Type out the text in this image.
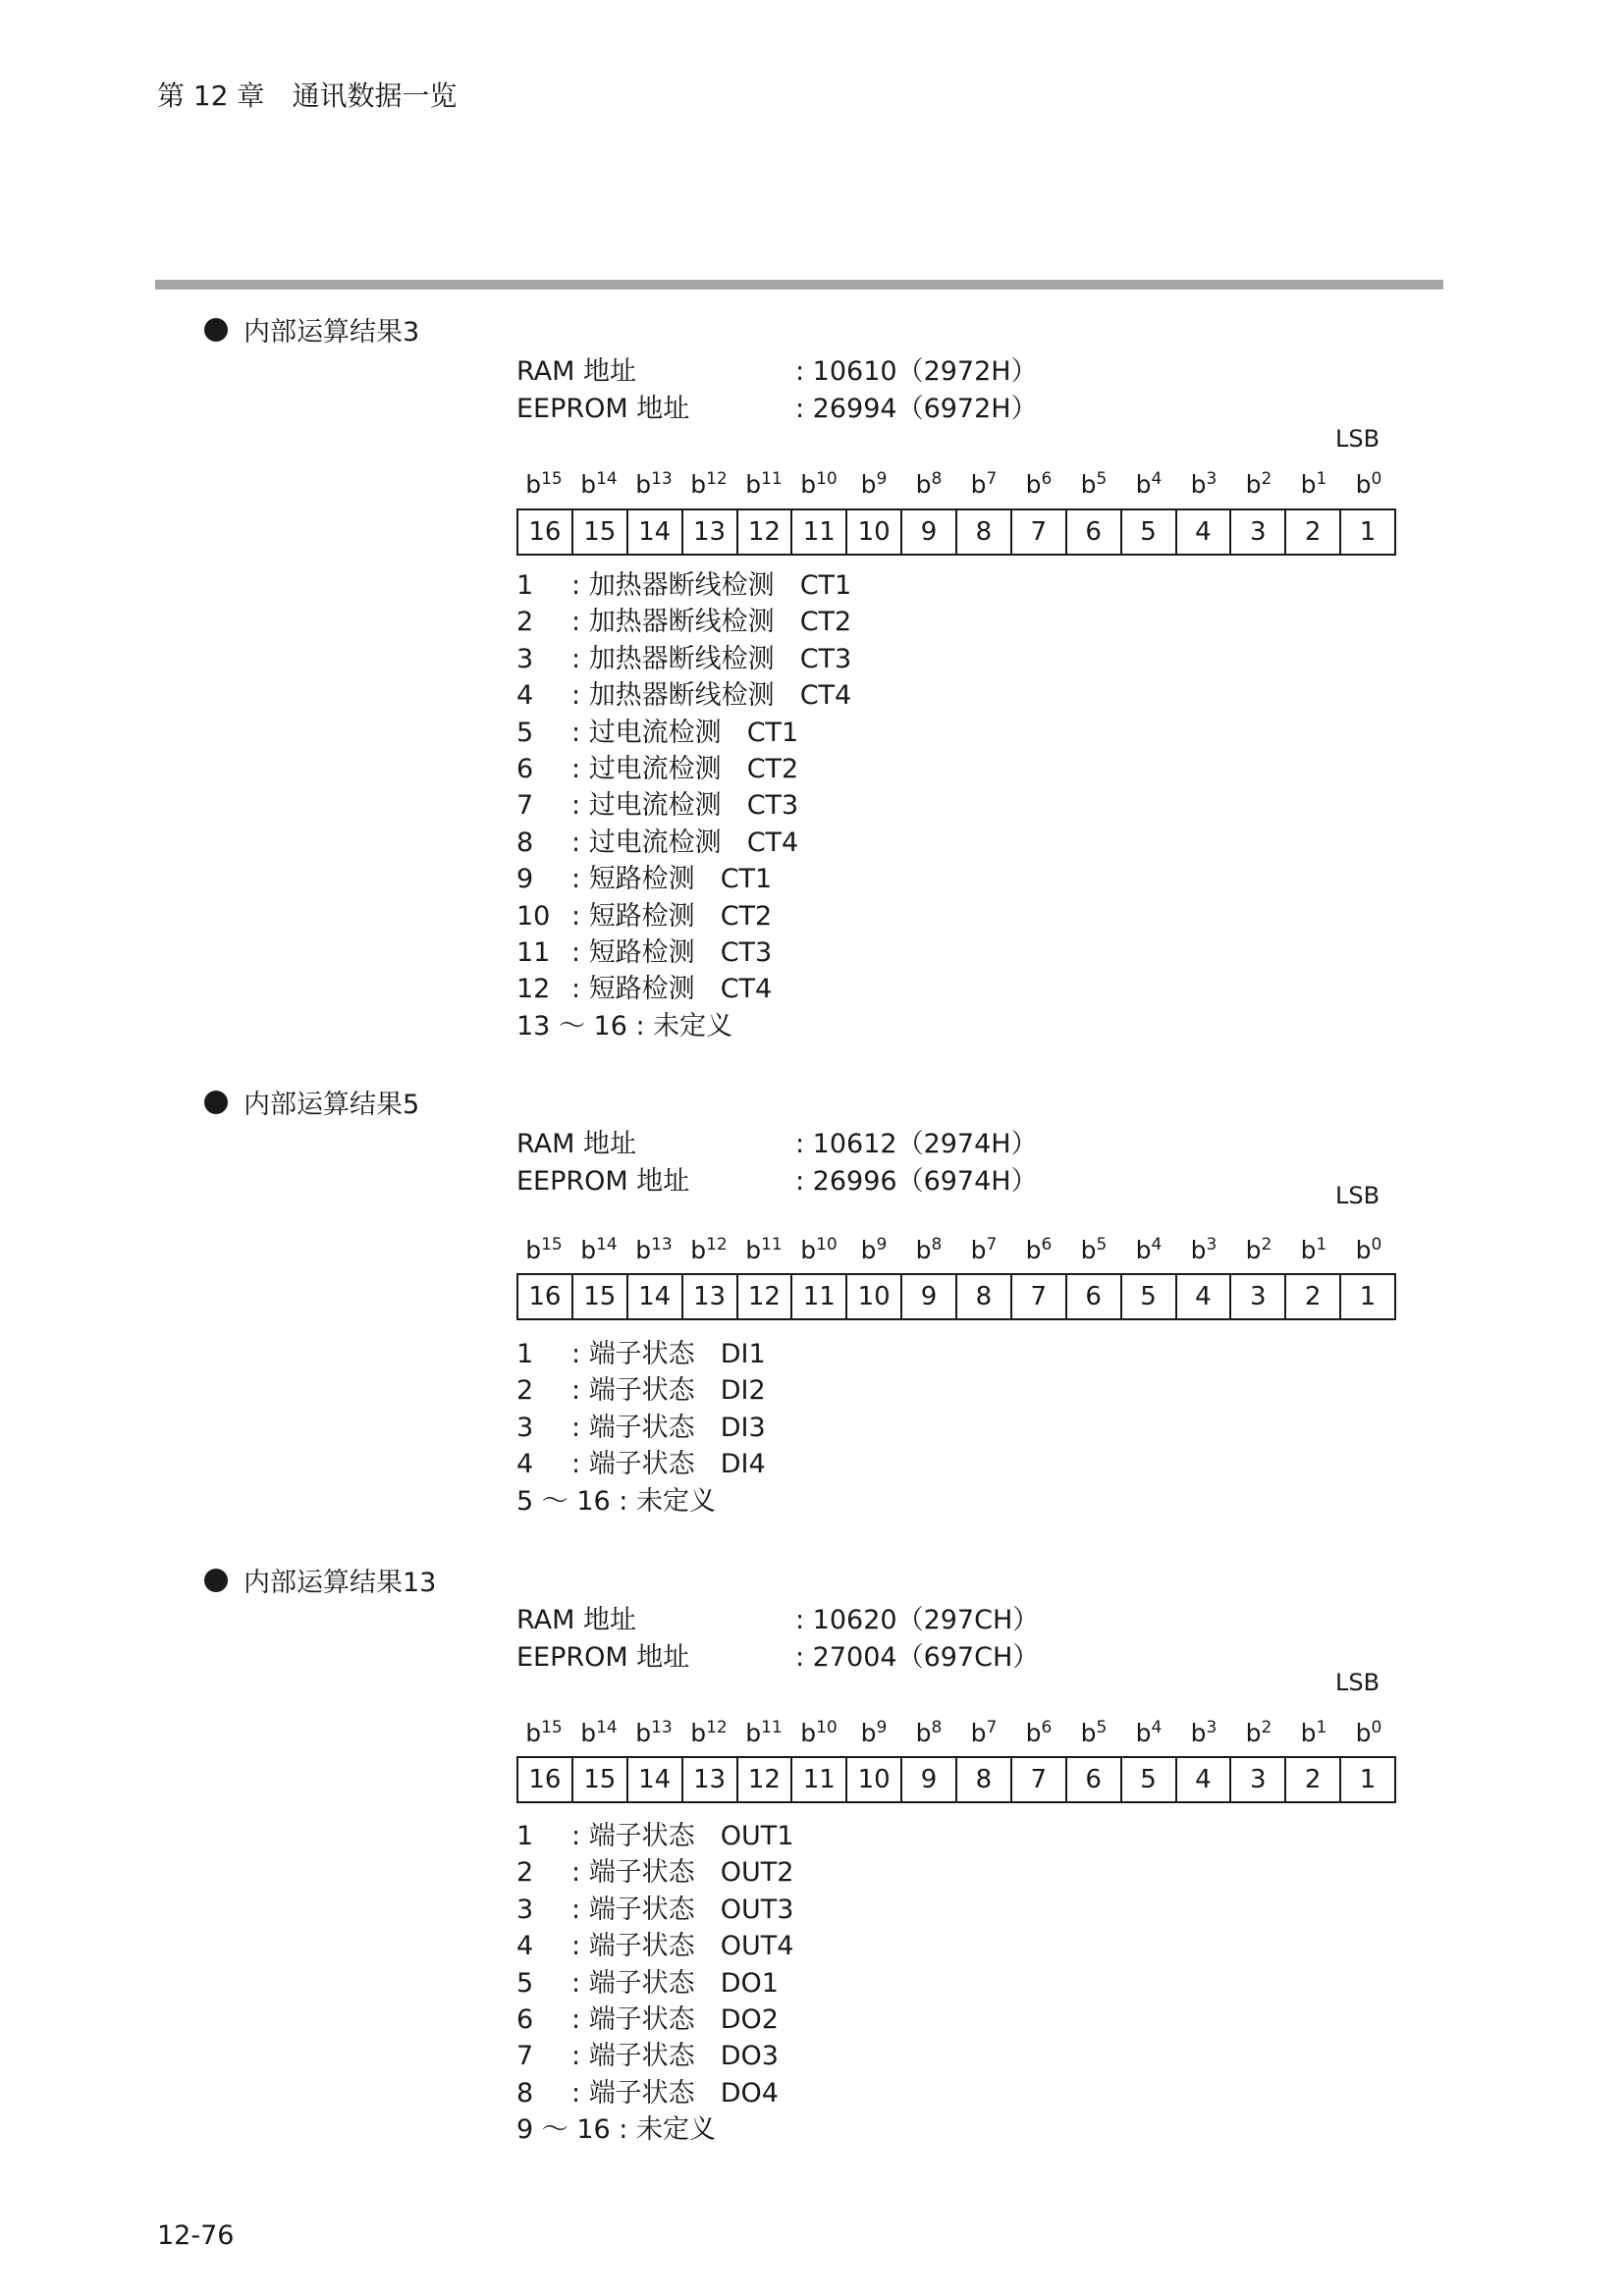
第 12 章　 通讯数据一览
内部运算结果3
RAM 地址	: 10610（2972H）
EEPROM 地址	: 26994（6972H）
LSB
$b^{15}$ $b^{14}$ $b^{13}$ $b^{12}$ $b^{11}$ $b^{10}$ $b^9$	$b^8$	$b^7$	$b^6$	$b^5$	$b^4$	$b^3$	$b^2$	$b^1$	$b^0$
16 15 14 13 12 11 10	9	8	7	6	5	4	3	2	1
1 : 加热器断线检测 CT1
2 : 加热器断线检测 CT2
3 : 加热器断线检测 CT3
4 : 加热器断线检测 CT4
5 : 过电流检测 CT1
6 : 过电流检测 CT2
7 : 过电流检测 CT3
8 : 过电流检测 CT4
9 : 短路检测 CT1
10 : 短路检测 CT2
11 : 短路检测 CT3
12 : 短路检测 CT4
13 ～ 16 : 未定义
内部运算结果5
RAM 地址	: 10612（2974H）
EEPROM 地址	: 26996（6974H）	LSB
$b^{15}$ $b^{14}$ $b^{13}$ $b^{12}$ $b^{11}$ $b^{10}$ $b^9$	$b^8$	$b^7$	$b^6$	$b^5$	$b^4$	$b^3$	$b^2$	$b^1$	$b^0$
16 15 14 13 12 11 10	9	8	7	6	5	4	3	2	1
1 : 端子状态 DI1
2 : 端子状态 DI2
3 : 端子状态 DI3
4 : 端子状态 DI4
5 ～ 16 : 未定义
内部运算结果13
RAM 地址	: 10620（297CH）
EEPROM 地址	: 27004（697CH）
LSB
$b^{15}$ $b^{14}$ $b^{13}$ $b^{12}$ $b^{11}$ $b^{10}$ $b^9$	$b^8$	$b^7$	$b^6$	$b^5$	$b^4$	$b^3$	$b^2$	$b^1$	$b^0$
16 15 14 13 12 11 10	9	8	7	6	5	4	3	2	1
1 : 端子状态 OUT1
2 : 端子状态 OUT2
3 : 端子状态 OUT3
4 : 端子状态 OUT4
5 : 端子状态 DO1
6 : 端子状态 DO2
7 : 端子状态 DO3
8 : 端子状态 DO4
9 ～ 16 : 未定义
12-76
